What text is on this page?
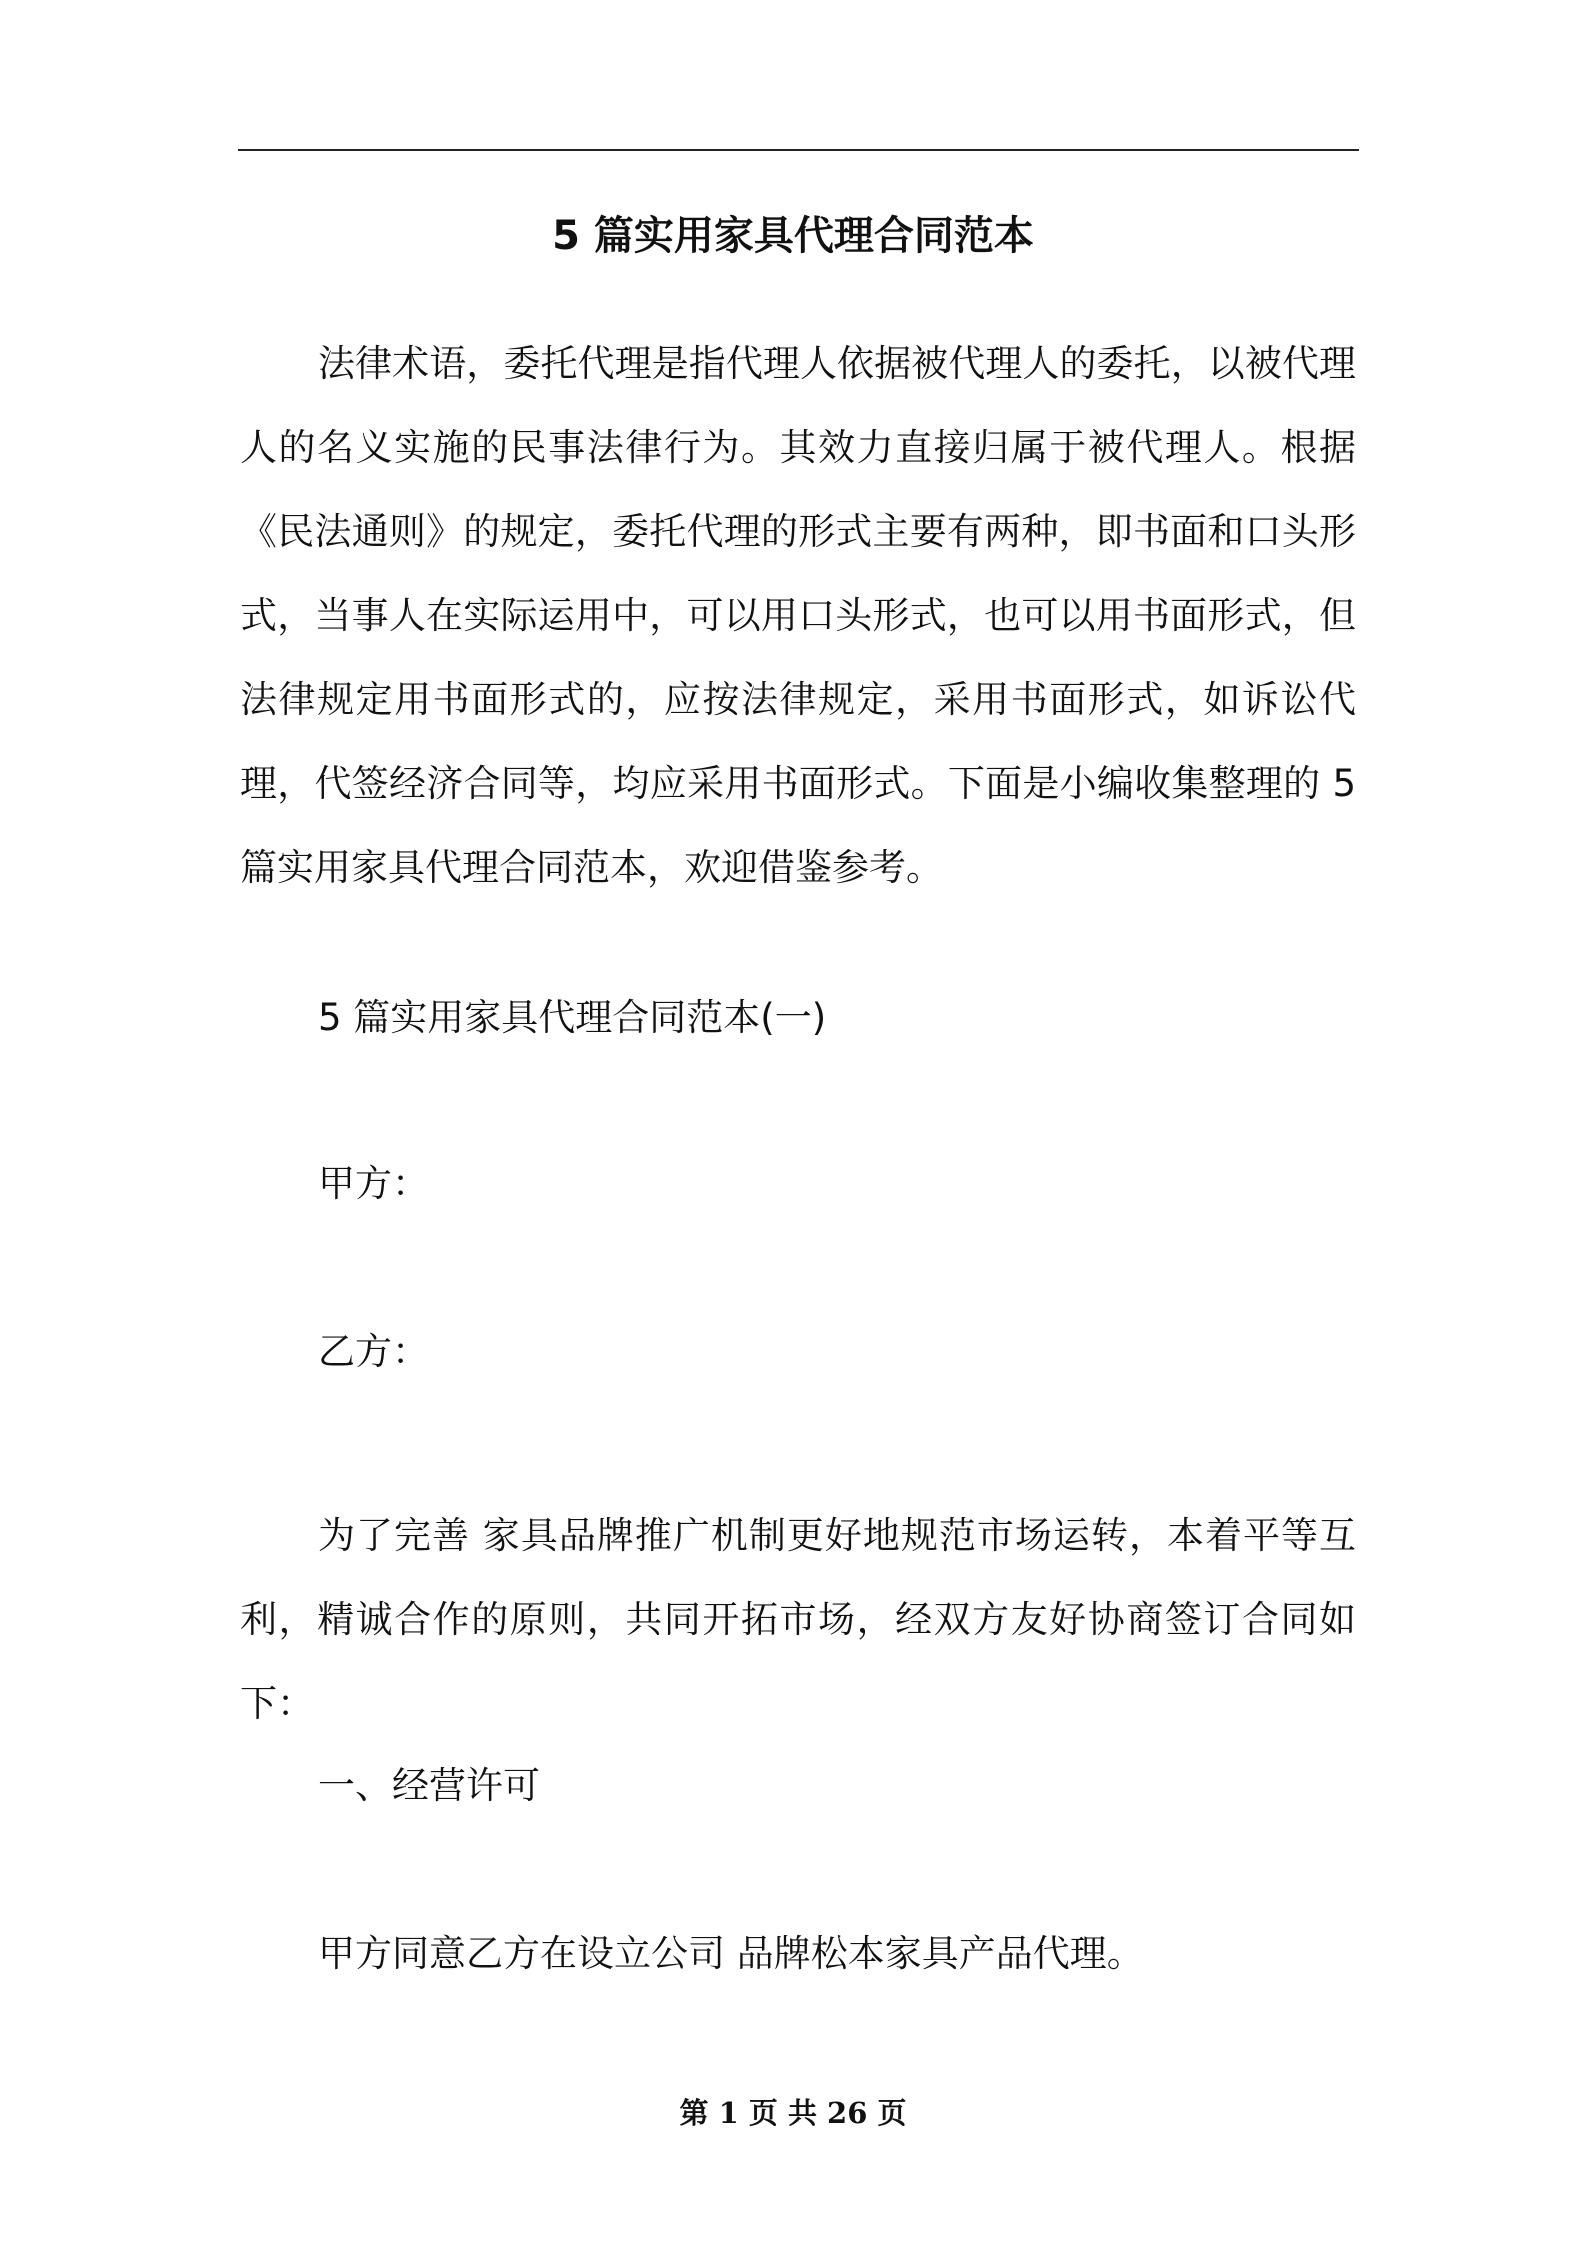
5 篇实用家具代理合同范本

法律术语，委托代理是指代理人依据被代理人的委托，以被代理人的名义实施的民事法律行为。其效力直接归属于被代理人。根据《民法通则》的规定，委托代理的形式主要有两种，即书面和口头形式，当事人在实际运用中，可以用口头形式，也可以用书面形式，但法律规定用书面形式的，应按法律规定，采用书面形式，如诉讼代理，代签经济合同等，均应采用书面形式。下面是小编收集整理的 5 篇实用家具代理合同范本，欢迎借鉴参考。

5 篇实用家具代理合同范本(一)

甲方：

乙方：

为了完善 家具品牌推广机制更好地规范市场运转，本着平等互利，精诚合作的原则，共同开拓市场，经双方友好协商签订合同如下：

一、经营许可

甲方同意乙方在设立公司 品牌松本家具产品代理。

第 1 页 共 26 页
